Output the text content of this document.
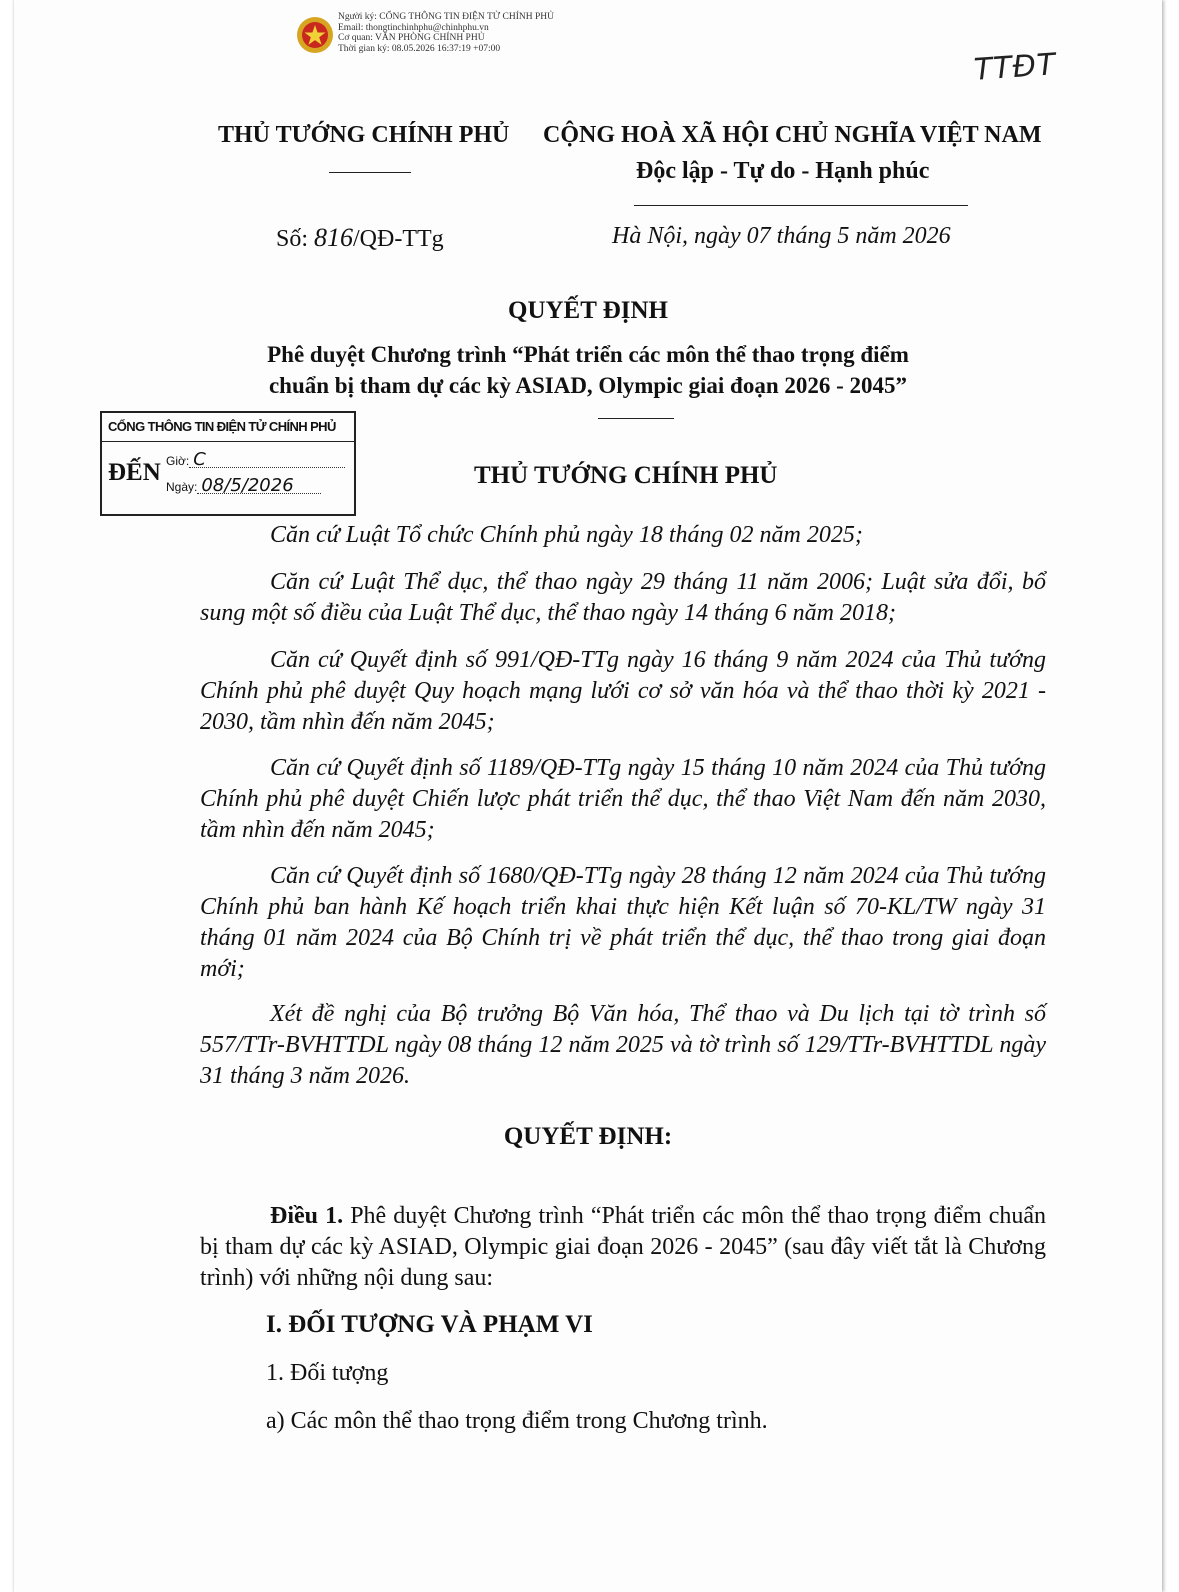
Người ký: CỔNG THÔNG TIN ĐIỆN TỬ CHÍNH PHỦ
Email: thongtinchinhphu@chinhphu.vn
Cơ quan: VĂN PHÒNG CHÍNH PHỦ
Thời gian ký: 08.05.2026 16:37:19 +07:00	TTĐT
THỦ TƯỚNG CHÍNH PHỦ CỘNG HOÀ XÃ HỘI CHỦ NGHĨA VIỆT NAM
Độc lập - Tự do - Hạnh phúc
Số: 816/QĐ-TTg	Hà Nội, ngày 07 tháng 5 năm 2026
QUYẾT ĐỊNH
Phê duyệt Chương trình “Phát triển các môn thể thao trọng điểm
chuẩn bị tham dự các kỳ ASIAD, Olympic giai đoạn 2026 - 2045”
CỔNG THÔNG TIN ĐIỆN TỬ CHÍNH PHỦ
ĐẾN Giờ: C
Ngày: 08/5/2026	THỦ TƯỚNG CHÍNH PHỦ
Căn cứ Luật Tổ chức Chính phủ ngày 18 tháng 02 năm 2025;
Căn cứ Luật Thể dục, thể thao ngày 29 tháng 11 năm 2006; Luật sửa đổi, bổ sung một số điều của Luật Thể dục, thể thao ngày 14 tháng 6 năm 2018;
Căn cứ Quyết định số 991/QĐ-TTg ngày 16 tháng 9 năm 2024 của Thủ tướng Chính phủ phê duyệt Quy hoạch mạng lưới cơ sở văn hóa và thể thao thời kỳ 2021 - 2030, tầm nhìn đến năm 2045;
Căn cứ Quyết định số 1189/QĐ-TTg ngày 15 tháng 10 năm 2024 của Thủ tướng Chính phủ phê duyệt Chiến lược phát triển thể dục, thể thao Việt Nam đến năm 2030, tầm nhìn đến năm 2045;
Căn cứ Quyết định số 1680/QĐ-TTg ngày 28 tháng 12 năm 2024 của Thủ tướng Chính phủ ban hành Kế hoạch triển khai thực hiện Kết luận số 70-KL/TW ngày 31 tháng 01 năm 2024 của Bộ Chính trị về phát triển thể dục, thể thao trong giai đoạn mới;
Xét đề nghị của Bộ trưởng Bộ Văn hóa, Thể thao và Du lịch tại tờ trình số 557/TTr-BVHTTDL ngày 08 tháng 12 năm 2025 và tờ trình số 129/TTr-BVHTTDL ngày 31 tháng 3 năm 2026.
QUYẾT ĐỊNH:
Điều 1. Phê duyệt Chương trình “Phát triển các môn thể thao trọng điểm chuẩn bị tham dự các kỳ ASIAD, Olympic giai đoạn 2026 - 2045” (sau đây viết tắt là Chương trình) với những nội dung sau:
I. ĐỐI TƯỢNG VÀ PHẠM VI
1. Đối tượng
a) Các môn thể thao trọng điểm trong Chương trình.
